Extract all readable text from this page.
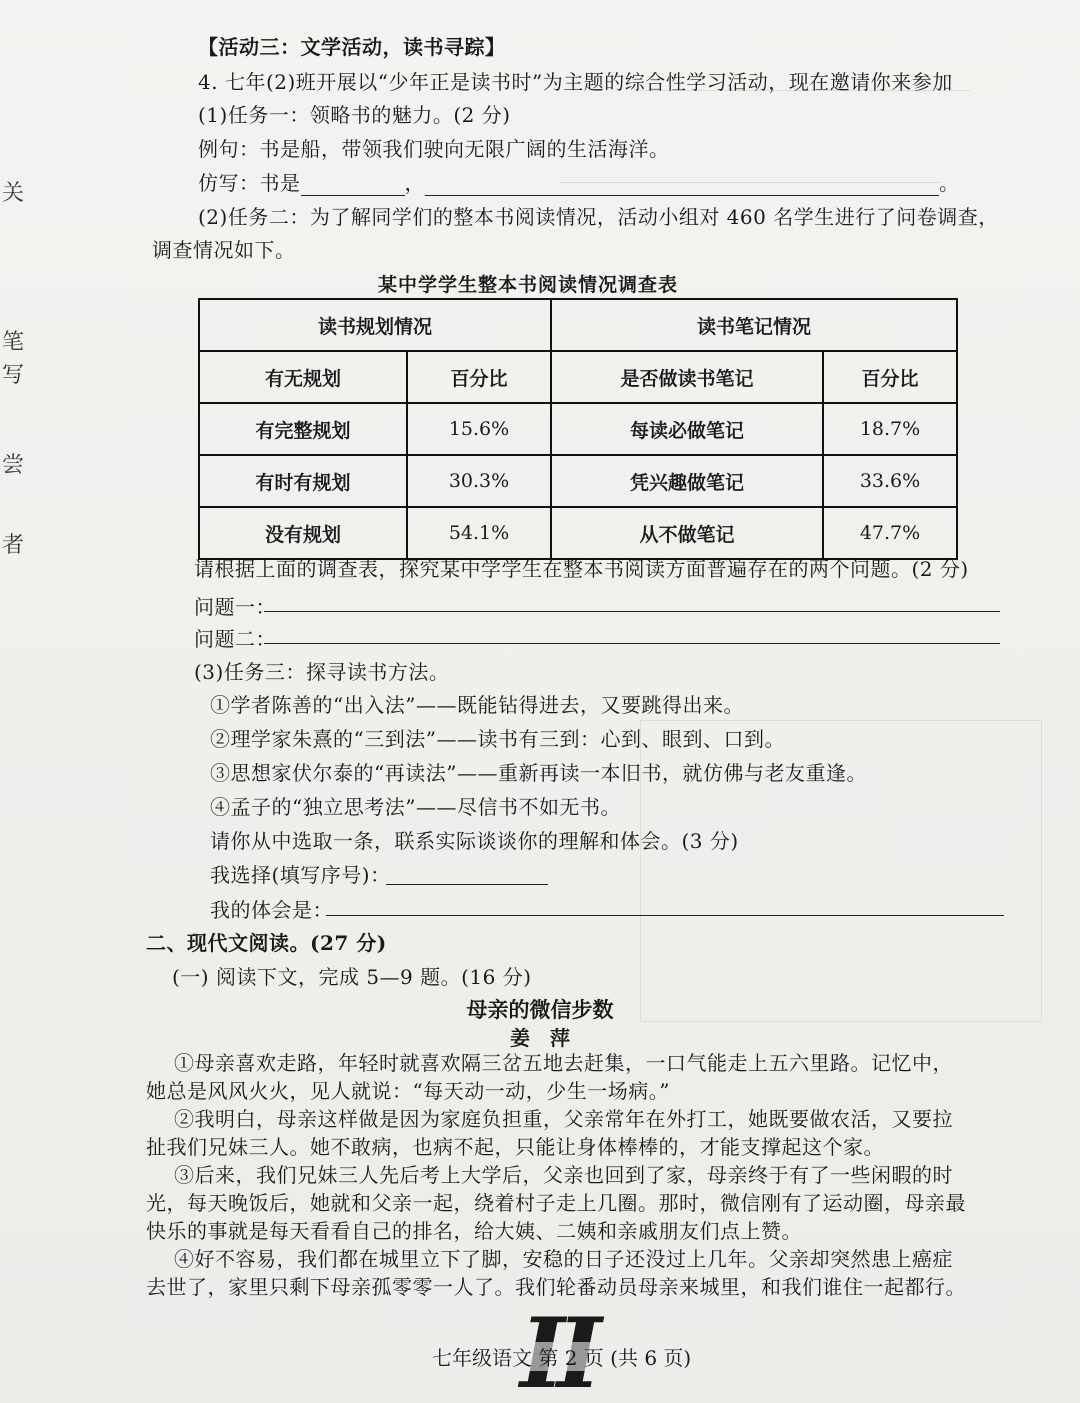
关
笔
写
尝
者
【活动三：文学活动，读书寻踪】
4. 七年(2)班开展以“少年正是读书时”为主题的综合性学习活动，现在邀请你来参加
(1)任务一：领略书的魅力。(2 分)
例句：书是船，带领我们驶向无限广阔的生活海洋。
仿写：书是	，	。
(2)任务二：为了解同学们的整本书阅读情况，活动小组对 460 名学生进行了问卷调查，
调查情况如下。
某中学学生整本书阅读情况调查表
读书规划情况		读书笔记情况	
有无规划	百分比	是否做读书笔记	百分比
有完整规划	15.6%	每读必做笔记	18.7%
有时有规划	30.3%	凭兴趣做笔记	33.6%
没有规划	54.1%	从不做笔记	47.7%
请根据上面的调查表，探究某中学学生在整本书阅读方面普遍存在的两个问题。(2 分)
问题一：
问题二：
(3)任务三：探寻读书方法。
①学者陈善的“出入法”——既能钻得进去，又要跳得出来。
②理学家朱熹的“三到法”——读书有三到：心到、眼到、口到。
③思想家伏尔泰的“再读法”——重新再读一本旧书，就仿佛与老友重逢。
④孟子的“独立思考法”——尽信书不如无书。
请你从中选取一条，联系实际谈谈你的理解和体会。(3 分)
我选择(填写序号)：
我的体会是：
二、现代文阅读。(27 分)
(一) 阅读下文，完成 5—9 题。(16 分)
母亲的微信步数
姜　萍
①母亲喜欢走路，年轻时就喜欢隔三岔五地去赶集，一口气能走上五六里路。记忆中，
她总是风风火火，见人就说：“每天动一动，少生一场病。”
②我明白，母亲这样做是因为家庭负担重，父亲常年在外打工，她既要做农活，又要拉
扯我们兄妹三人。她不敢病，也病不起，只能让身体棒棒的，才能支撑起这个家。
③后来，我们兄妹三人先后考上大学后，父亲也回到了家，母亲终于有了一些闲暇的时
光，每天晚饭后，她就和父亲一起，绕着村子走上几圈。那时，微信刚有了运动圈，母亲最
快乐的事就是每天看看自己的排名，给大姨、二姨和亲戚朋友们点上赞。
④好不容易，我们都在城里立下了脚，安稳的日子还没过上几年。父亲却突然患上癌症
去世了，家里只剩下母亲孤零零一人了。我们轮番动员母亲来城里，和我们谁住一起都行。
七年级语文 第 2 页 (共 6 页)
